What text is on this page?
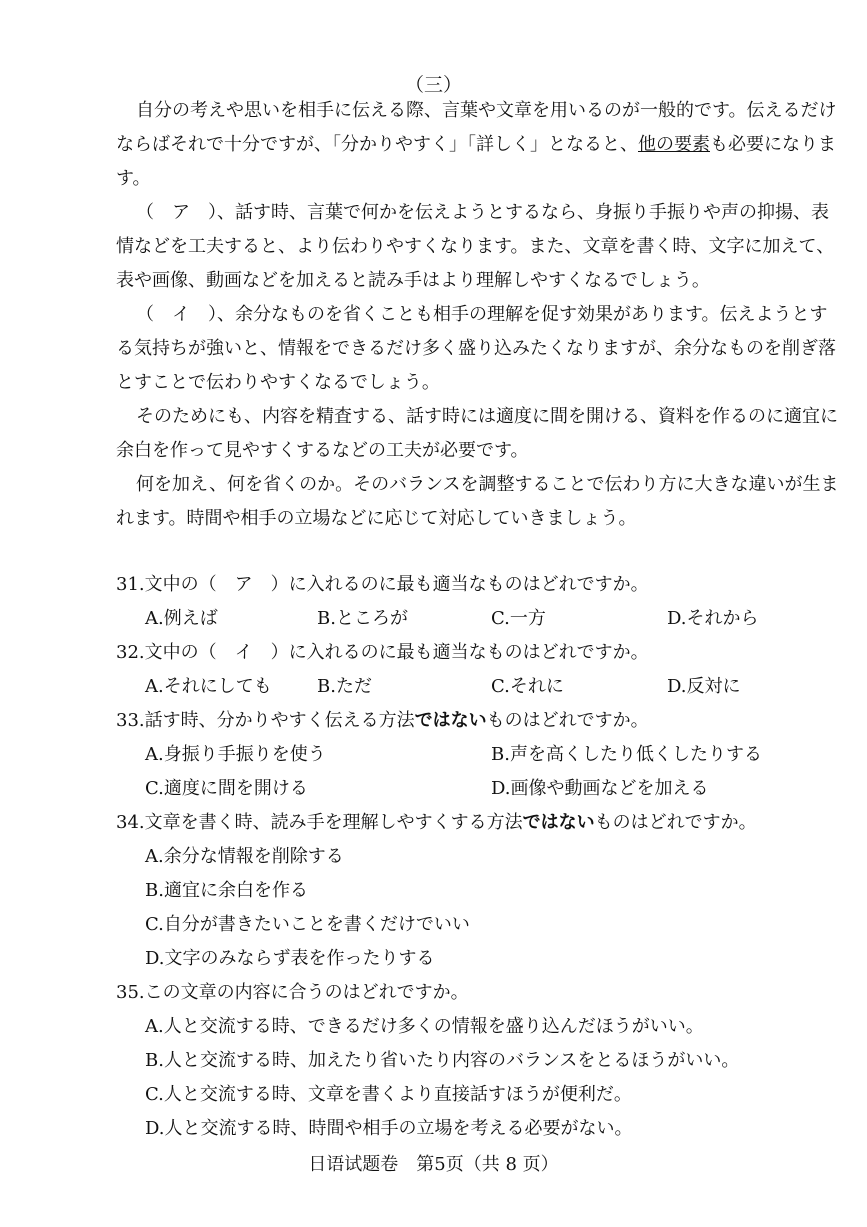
（三）

自分の考えや思いを相手に伝える際、言葉や文章を用いるのが一般的です。伝えるだけならばそれで十分ですが、「分かりやすく」「詳しく」となると、他の要素も必要になります。

（　ア　）、話す時、言葉で何かを伝えようとするなら、身振り手振りや声の抑揚、表情などを工夫すると、より伝わりやすくなります。また、文章を書く時、文字に加えて、表や画像、動画などを加えると読み手はより理解しやすくなるでしょう。

（　イ　）、余分なものを省くことも相手の理解を促す効果があります。伝えようとする気持ちが強いと、情報をできるだけ多く盛り込みたくなりますが、余分なものを削ぎ落とすことで伝わりやすくなるでしょう。

そのためにも、内容を精査する、話す時には適度に間を開ける、資料を作るのに適宜に余白を作って見やすくするなどの工夫が必要です。

何を加え、何を省くのか。そのバランスを調整することで伝わり方に大きな違いが生まれます。時間や相手の立場などに応じて対応していきましょう。

31.文中の（　ア　）に入れるのに最も適当なものはどれですか。
A.例えば	B.ところが	C.一方	D.それから
32.文中の（　イ　）に入れるのに最も適当なものはどれですか。
A.それにしても	B.ただ	C.それに	D.反対に
33.話す時、分かりやすく伝える方法ではないものはどれですか。
A.身振り手振りを使う	B.声を高くしたり低くしたりする
C.適度に間を開ける	D.画像や動画などを加える
34.文章を書く時、読み手を理解しやすくする方法ではないものはどれですか。
A.余分な情報を削除する
B.適宜に余白を作る
C.自分が書きたいことを書くだけでいい
D.文字のみならず表を作ったりする
35.この文章の内容に合うのはどれですか。
A.人と交流する時、できるだけ多くの情報を盛り込んだほうがいい。
B.人と交流する時、加えたり省いたり内容のバランスをとるほうがいい。
C.人と交流する時、文章を書くより直接話すほうが便利だ。
D.人と交流する時、時間や相手の立場を考える必要がない。
日语试题卷　第5页（共 8 页）
